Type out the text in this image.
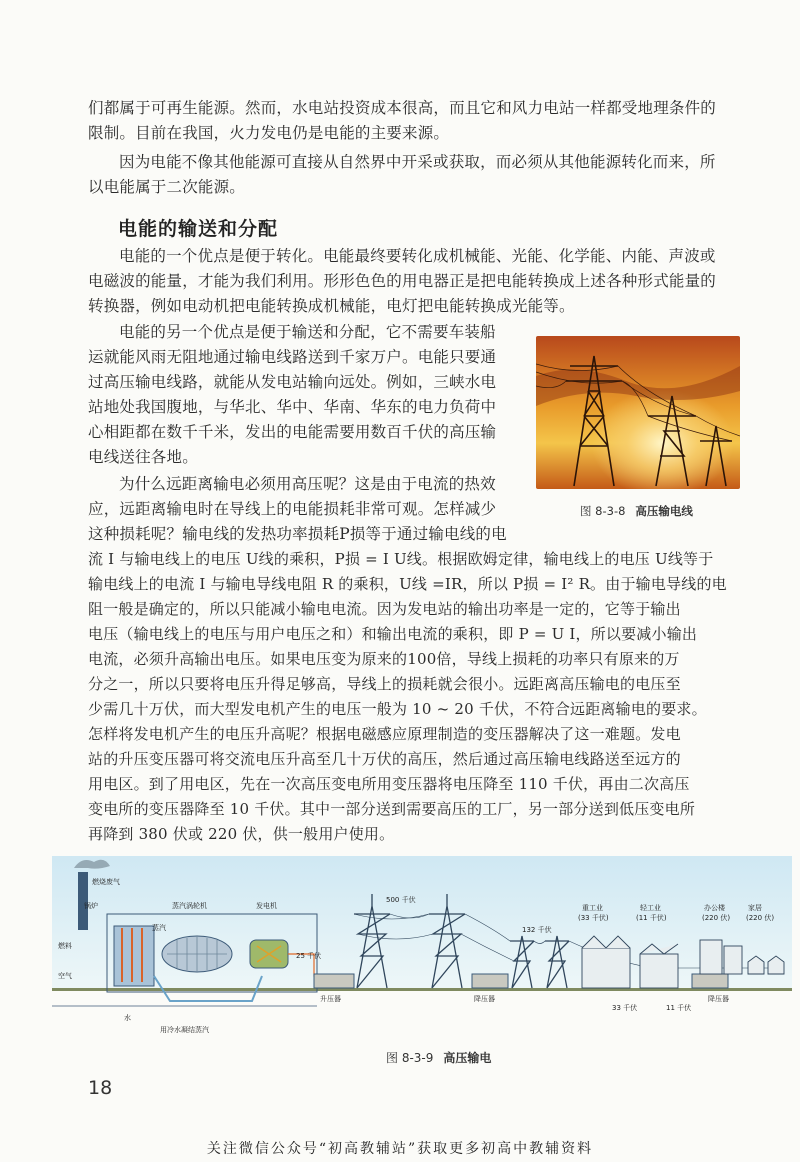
们都属于可再生能源。然而，水电站投资成本很高，而且它和风力电站一样都受地理条件的
限制。目前在我国，火力发电仍是电能的主要来源。

因为电能不像其他能源可直接从自然界中开采或获取，而必须从其他能源转化而来，所
以电能属于二次能源。

电能的输送和分配

电能的一个优点是便于转化。电能最终要转化成机械能、光能、化学能、内能、声波或
电磁波的能量，才能为我们利用。形形色色的用电器正是把电能转换成上述各种形式能量的
转换器，例如电动机把电能转换成机械能，电灯把电能转换成光能等。

电能的另一个优点是便于输送和分配，它不需要车装船
运就能风雨无阻地通过输电线路送到千家万户。电能只要通
过高压输电线路，就能从发电站输向远处。例如，三峡水电
站地处我国腹地，与华北、华中、华南、华东的电力负荷中
心相距都在数千千米，发出的电能需要用数百千伏的高压输
电线送往各地。

为什么远距离输电必须用高压呢？这是由于电流的热效
应，远距离输电时在导线上的电能损耗非常可观。怎样减少
这种损耗呢？输电线的发热功率损耗P损等于通过输电线的电

流 I 与输电线上的电压 U线的乘积，P损 = I U线。根据欧姆定律，输电线上的电压 U线等于
输电线上的电流 I 与输电导线电阻 R 的乘积，U线 =IR，所以 P损 = I² R。由于输电导线的电
阻一般是确定的，所以只能减小输电电流。因为发电站的输出功率是一定的，它等于输出
电压（输电线上的电压与用户电压之和）和输出电流的乘积，即 P = U I，所以要减小输出
电流，必须升高输出电压。如果电压变为原来的100倍，导线上损耗的功率只有原来的万
分之一，所以只要将电压升得足够高，导线上的损耗就会很小。远距离高压输电的电压至
少需几十万伏，而大型发电机产生的电压一般为 10 ~ 20 千伏，不符合远距离输电的要求。
怎样将发电机产生的电压升高呢？根据电磁感应原理制造的变压器解决了这一难题。发电
站的升压变压器可将交流电压升高至几十万伏的高压，然后通过高压输电线路送至远方的
用电区。到了用电区，先在一次高压变电所用变压器将电压降至 110 千伏，再由二次高压
变电所的变压器降至 10 千伏。其中一部分送到需要高压的工厂，另一部分送到低压变电所
再降到 380 伏或 220 伏，供一般用户使用。

图 8-3-8 高压输电线
燃烧废气
锅炉	蒸汽涡轮机	发电机
蒸汽
燃料
空气
水
用冷水凝结蒸汽
25 千伏
500 千伏
132 千伏
升压器	降压器	降压器
33 千伏	11 千伏
重工业
(33 千伏)
轻工业
(11 千伏)
办公楼
(220 伏)
家居
(220 伏)
图 8-3-9 高压输电
18
关注微信公众号“初高教辅站”获取更多初高中教辅资料
